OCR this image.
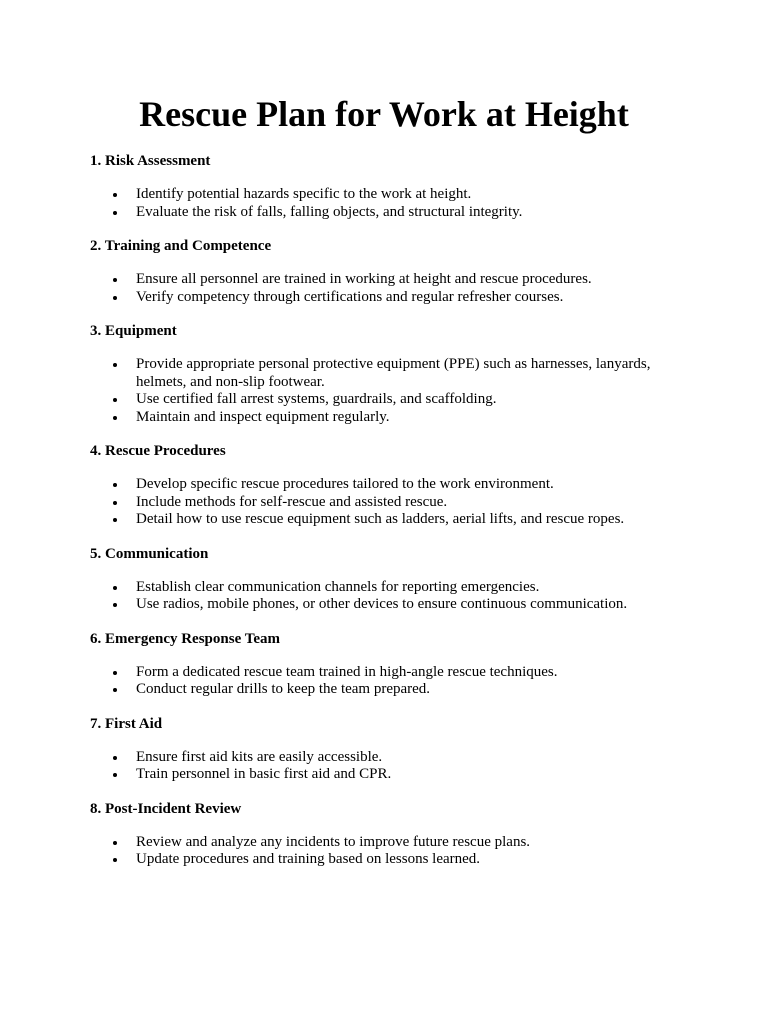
Rescue Plan for Work at Height
1. Risk Assessment
Identify potential hazards specific to the work at height.
Evaluate the risk of falls, falling objects, and structural integrity.
2. Training and Competence
Ensure all personnel are trained in working at height and rescue procedures.
Verify competency through certifications and regular refresher courses.
3. Equipment
Provide appropriate personal protective equipment (PPE) such as harnesses, lanyards, helmets, and non-slip footwear.
Use certified fall arrest systems, guardrails, and scaffolding.
Maintain and inspect equipment regularly.
4. Rescue Procedures
Develop specific rescue procedures tailored to the work environment.
Include methods for self-rescue and assisted rescue.
Detail how to use rescue equipment such as ladders, aerial lifts, and rescue ropes.
5. Communication
Establish clear communication channels for reporting emergencies.
Use radios, mobile phones, or other devices to ensure continuous communication.
6. Emergency Response Team
Form a dedicated rescue team trained in high-angle rescue techniques.
Conduct regular drills to keep the team prepared.
7. First Aid
Ensure first aid kits are easily accessible.
Train personnel in basic first aid and CPR.
8. Post-Incident Review
Review and analyze any incidents to improve future rescue plans.
Update procedures and training based on lessons learned.
